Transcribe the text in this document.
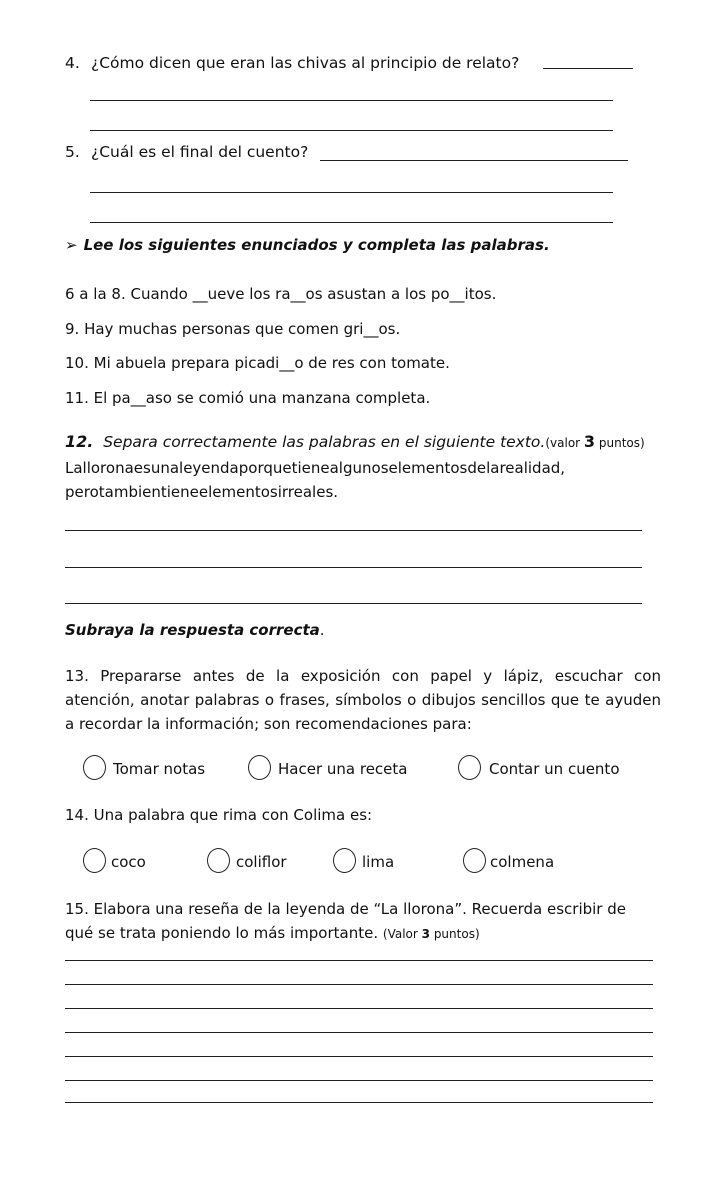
4. ¿Cómo dicen que eran las chivas al principio de relato?
5. ¿Cuál es el final del cuento?
➢ Lee los siguientes enunciados y completa las palabras.
6 a la 8. Cuando __ueve los ra__os asustan a los po__itos.
9. Hay muchas personas que comen gri__os.
10. Mi abuela prepara picadi__o de res con tomate.
11. El pa__aso se comió una manzana completa.
12. Separa correctamente las palabras en el siguiente texto.(valor 3 puntos)
Lalloronaesunaleyendaporquetienealgunoselementosdelarealidad,
perotambientieneelementosirreales.
Subraya la respuesta correcta.
13. Prepararse antes de la exposición con papel y lápiz, escuchar con atención, anotar palabras o frases, símbolos o dibujos sencillos que te ayuden a recordar la información; son recomendaciones para:
Tomar notas	Hacer una receta	Contar un cuento
14. Una palabra que rima con Colima es:
coco	coliflor	lima	colmena
15. Elabora una reseña de la leyenda de “La llorona”. Recuerda escribir de
qué se trata poniendo lo más importante. (Valor 3 puntos)
